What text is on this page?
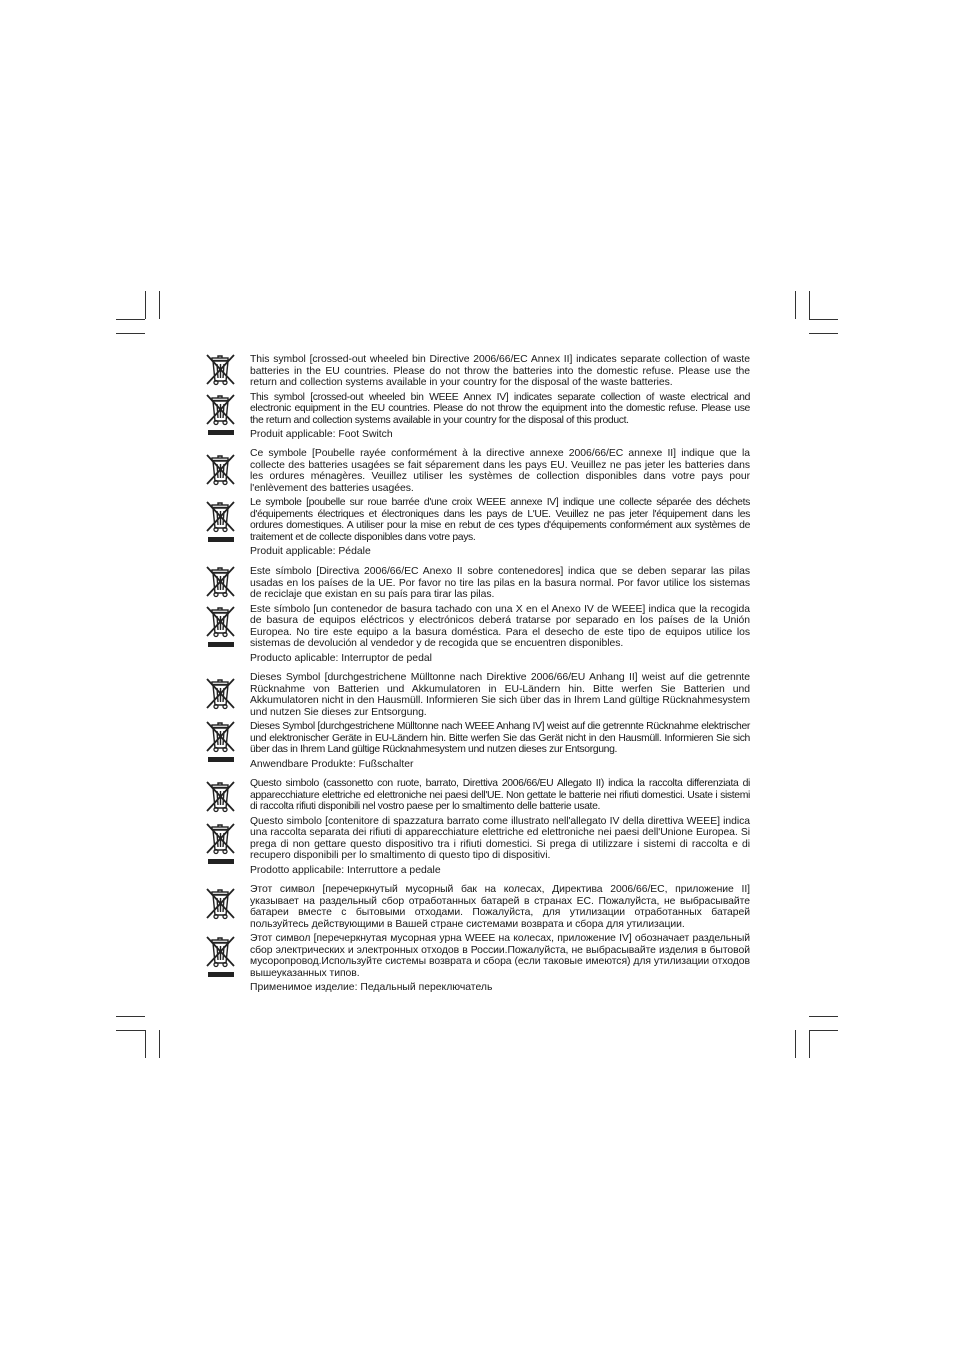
This symbol [crossed-out wheeled bin Directive 2006/66/EC Annex II] indicates separate collection of waste batteries in the EU countries. Please do not throw the batteries into the domestic refuse. Please use the return and collection systems available in your country for the disposal of the waste batteries.

This symbol [crossed-out wheeled bin WEEE Annex IV] indicates separate collection of waste electrical and electronic equipment in the EU countries. Please do not throw the equipment into the domestic refuse. Please use the return and collection systems available in your country for the disposal of this product.

Produit applicable: Foot Switch

Ce symbole [Poubelle rayée conformément à la directive annexe 2006/66/EC annexe II] indique que la collecte des batteries usagées se fait séparement dans les pays EU. Veuillez ne pas jeter les batteries dans les ordures ménagères. Veuillez utiliser les systèmes de collection disponibles dans votre pays pour l'enlèvement des batteries usagées.

Le symbole [poubelle sur roue barrée d'une croix WEEE annexe IV] indique une collecte séparée des déchets d'équipements électriques et électroniques dans les pays de L'UE. Veuillez ne pas jeter l'équipement dans les ordures domestiques. A utiliser pour la mise en rebut de ces types d'équipements conformément aux systèmes de traitement et de collecte disponibles dans votre pays.

Produit applicable: Pédale

Este símbolo [Directiva 2006/66/EC Anexo II sobre contenedores] indica que se deben separar las pilas usadas en los países de la UE. Por favor no tire las pilas en la basura normal. Por favor utilice los sistemas de reciclaje que existan en su país para tirar las pilas.

Este símbolo [un contenedor de basura tachado con una X en el Anexo IV de WEEE] indica que la recogida de basura de equipos eléctricos y electrónicos deberá tratarse por separado en los países de la Unión Europea. No tire este equipo a la basura doméstica. Para el desecho de este tipo de equipos utilice los sistemas de devolución al vendedor y de recogida que se encuentren disponibles.

Producto aplicable: Interruptor de pedal

Dieses Symbol [durchgestrichene Mülltonne nach Direktive 2006/66/EU Anhang II] weist auf die getrennte Rücknahme von Batterien und Akkumulatoren in EU-Ländern hin. Bitte werfen Sie Batterien und Akkumulatoren nicht in den Hausmüll. Informieren Sie sich über das in Ihrem Land gültige Rücknahmesystem und nutzen Sie dieses zur Entsorgung.

Dieses Symbol [durchgestrichene Mülltonne nach WEEE Anhang IV] weist auf die getrennte Rücknahme elektrischer und elektronischer Geräte in EU-Ländern hin. Bitte werfen Sie das Gerät nicht in den Hausmüll. Informieren Sie sich über das in Ihrem Land gültige Rücknahmesystem und nutzen dieses zur Entsorgung.

Anwendbare Produkte: Fußschalter

Questo simbolo (cassonetto con ruote, barrato, Direttiva 2006/66/EU Allegato II) indica la raccolta differenziata di apparecchiature elettriche ed elettroniche nei paesi dell'UE. Non gettate le batterie nei rifiuti domestici. Usate i sistemi di raccolta rifiuti disponibili nel vostro paese per lo smaltimento delle batterie usate.

Questo simbolo [contenitore di spazzatura barrato come illustrato nell'allegato IV della direttiva WEEE] indica una raccolta separata dei rifiuti di apparecchiature elettriche ed elettroniche nei paesi dell'Unione Europea. Si prega di non gettare questo dispositivo tra i rifiuti domestici. Si prega di utilizzare i sistemi di raccolta e di recupero disponibili per lo smaltimento di questo tipo di dispositivi.

Prodotto applicabile: Interruttore a pedale

Этот символ [перечеркнутый мусорный бак на колесах, Директива 2006/66/EC, приложение II] указывает на раздельный сбор отработанных батарей в странах EC. Пожалуйста, не выбрасывайте батареи вместе с бытовыми отходами. Пожалуйста, для утилизации отработанных батарей пользуйтесь действующими в Вашей стране системами возврата и сбора для утилизации.

Этот символ [перечеркнутая мусорная урна WEEE на колесах, приложение IV] обозначает раздельный сбор электрических и электронных отходов в России.Пожалуйста, не выбрасывайте изделия в бытовой мусоропровод.Используйте системы возврата и сбора (если таковые имеются) для утилизации отходов вышеуказанных типов.

Применимое изделие: Педальный переключатель
